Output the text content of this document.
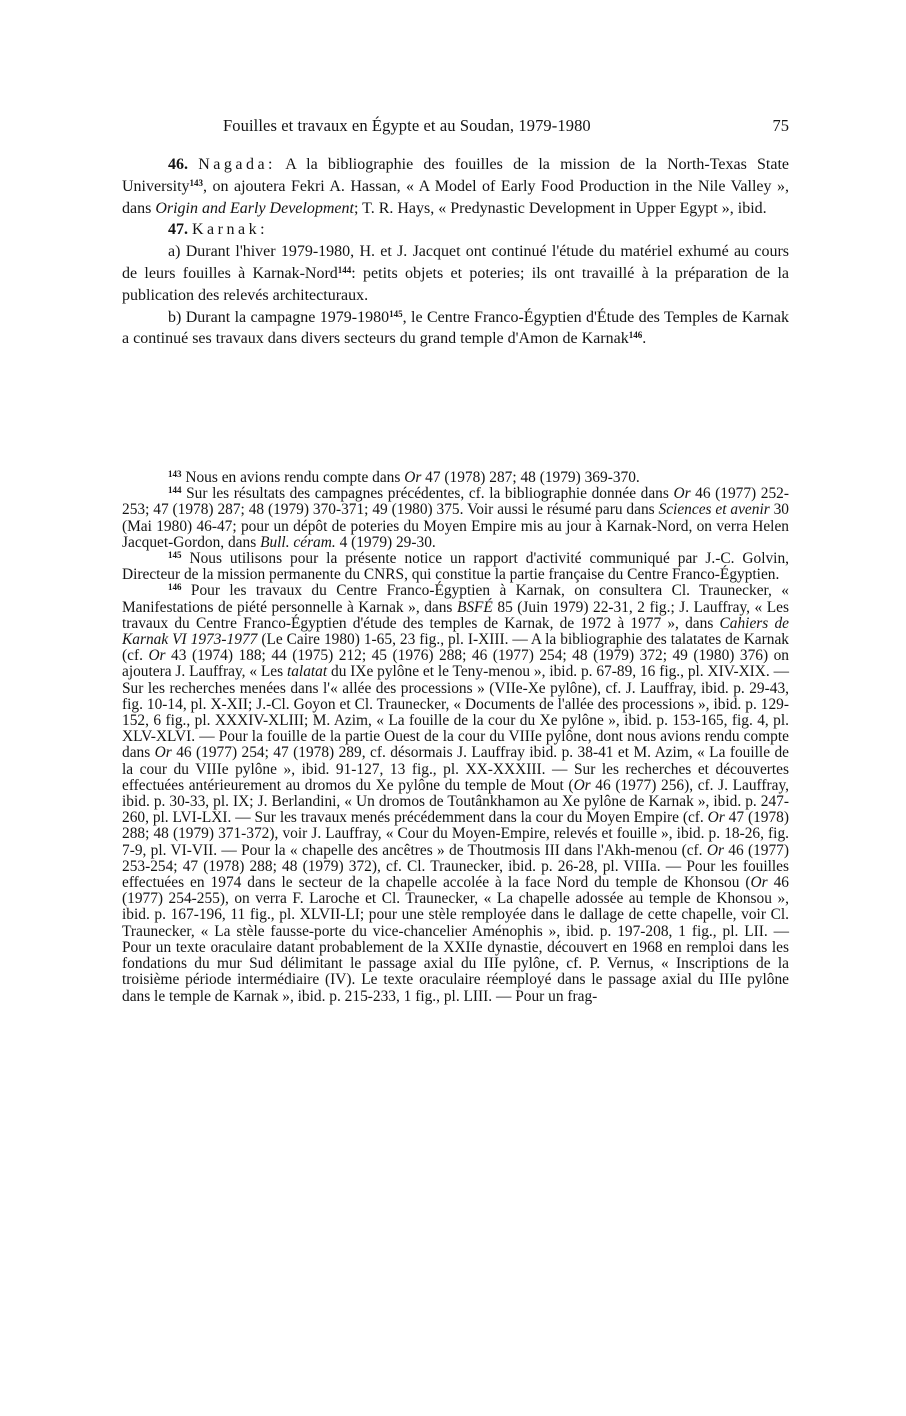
Fouilles et travaux en Égypte et au Soudan, 1979-1980	75

46. Nagada: A la bibliographie des fouilles de la mission de la North-Texas State University$^{143}$, on ajoutera Fekri A. Hassan, « A Model of Early Food Production in the Nile Valley », dans Origin and Early Development; T. R. Hays, « Predynastic Development in Upper Egypt », ibid.

47. Karnak:

a) Durant l'hiver 1979-1980, H. et J. Jacquet ont continué l'étude du matériel exhumé au cours de leurs fouilles à Karnak-Nord$^{144}$: petits objets et poteries; ils ont travaillé à la préparation de la publication des relevés architecturaux.

b) Durant la campagne 1979-1980$^{145}$, le Centre Franco-Égyptien d'Étude des Temples de Karnak a continué ses travaux dans divers secteurs du grand temple d'Amon de Karnak$^{146}$.

$^{143}$ Nous en avions rendu compte dans Or 47 (1978) 287; 48 (1979) 369-370.

$^{144}$ Sur les résultats des campagnes précédentes, cf. la bibliographie donnée dans Or 46 (1977) 252-253; 47 (1978) 287; 48 (1979) 370-371; 49 (1980) 375. Voir aussi le résumé paru dans Sciences et avenir 30 (Mai 1980) 46-47; pour un dépôt de poteries du Moyen Empire mis au jour à Karnak-Nord, on verra Helen Jacquet-Gordon, dans Bull. céram. 4 (1979) 29-30.

$^{145}$ Nous utilisons pour la présente notice un rapport d'activité communiqué par J.-C. Golvin, Directeur de la mission permanente du CNRS, qui constitue la partie française du Centre Franco-Égyptien.

$^{146}$ Pour les travaux du Centre Franco-Égyptien à Karnak, on consultera Cl. Traunecker, « Manifestations de piété personnelle à Karnak », dans BSFÉ 85 (Juin 1979) 22-31, 2 fig.; J. Lauffray, « Les travaux du Centre Franco-Égyptien d'étude des temples de Karnak, de 1972 à 1977 », dans Cahiers de Karnak VI 1973-1977 (Le Caire 1980) 1-65, 23 fig., pl. I-XIII. — A la bibliographie des talatates de Karnak (cf. Or 43 (1974) 188; 44 (1975) 212; 45 (1976) 288; 46 (1977) 254; 48 (1979) 372; 49 (1980) 376) on ajoutera J. Lauffray, « Les talatat du IXe pylône et le Teny-menou », ibid. p. 67-89, 16 fig., pl. XIV-XIX. — Sur les recherches menées dans l'« allée des processions » (VIIe-Xe pylône), cf. J. Lauffray, ibid. p. 29-43, fig. 10-14, pl. X-XII; J.-Cl. Goyon et Cl. Traunecker, « Documents de l'allée des processions », ibid. p. 129-152, 6 fig., pl. XXXIV-XLIII; M. Azim, « La fouille de la cour du Xe pylône », ibid. p. 153-165, fig. 4, pl. XLV-XLVI. — Pour la fouille de la partie Ouest de la cour du VIIIe pylône, dont nous avions rendu compte dans Or 46 (1977) 254; 47 (1978) 289, cf. désormais J. Lauffray ibid. p. 38-41 et M. Azim, « La fouille de la cour du VIIIe pylône », ibid. 91-127, 13 fig., pl. XX-XXXIII. — Sur les recherches et découvertes effectuées antérieurement au dromos du Xe pylône du temple de Mout (Or 46 (1977) 256), cf. J. Lauffray, ibid. p. 30-33, pl. IX; J. Berlandini, « Un dromos de Toutânkhamon au Xe pylône de Karnak », ibid. p. 247-260, pl. LVI-LXI. — Sur les travaux menés précédemment dans la cour du Moyen Empire (cf. Or 47 (1978) 288; 48 (1979) 371-372), voir J. Lauffray, « Cour du Moyen-Empire, relevés et fouille », ibid. p. 18-26, fig. 7-9, pl. VI-VII. — Pour la « chapelle des ancêtres » de Thoutmosis III dans l'Akh-menou (cf. Or 46 (1977) 253-254; 47 (1978) 288; 48 (1979) 372), cf. Cl. Traunecker, ibid. p. 26-28, pl. VIIIa. — Pour les fouilles effectuées en 1974 dans le secteur de la chapelle accolée à la face Nord du temple de Khonsou (Or 46 (1977) 254-255), on verra F. Laroche et Cl. Traunecker, « La chapelle adossée au temple de Khonsou », ibid. p. 167-196, 11 fig., pl. XLVII-LI; pour une stèle remployée dans le dallage de cette chapelle, voir Cl. Traunecker, « La stèle fausse-porte du vice-chancelier Aménophis », ibid. p. 197-208, 1 fig., pl. LII. — Pour un texte oraculaire datant probablement de la XXIIe dynastie, découvert en 1968 en remploi dans les fondations du mur Sud délimitant le passage axial du IIIe pylône, cf. P. Vernus, « Inscriptions de la troisième période intermédiaire (IV). Le texte oraculaire réemployé dans le passage axial du IIIe pylône dans le temple de Karnak », ibid. p. 215-233, 1 fig., pl. LIII. — Pour un frag-
